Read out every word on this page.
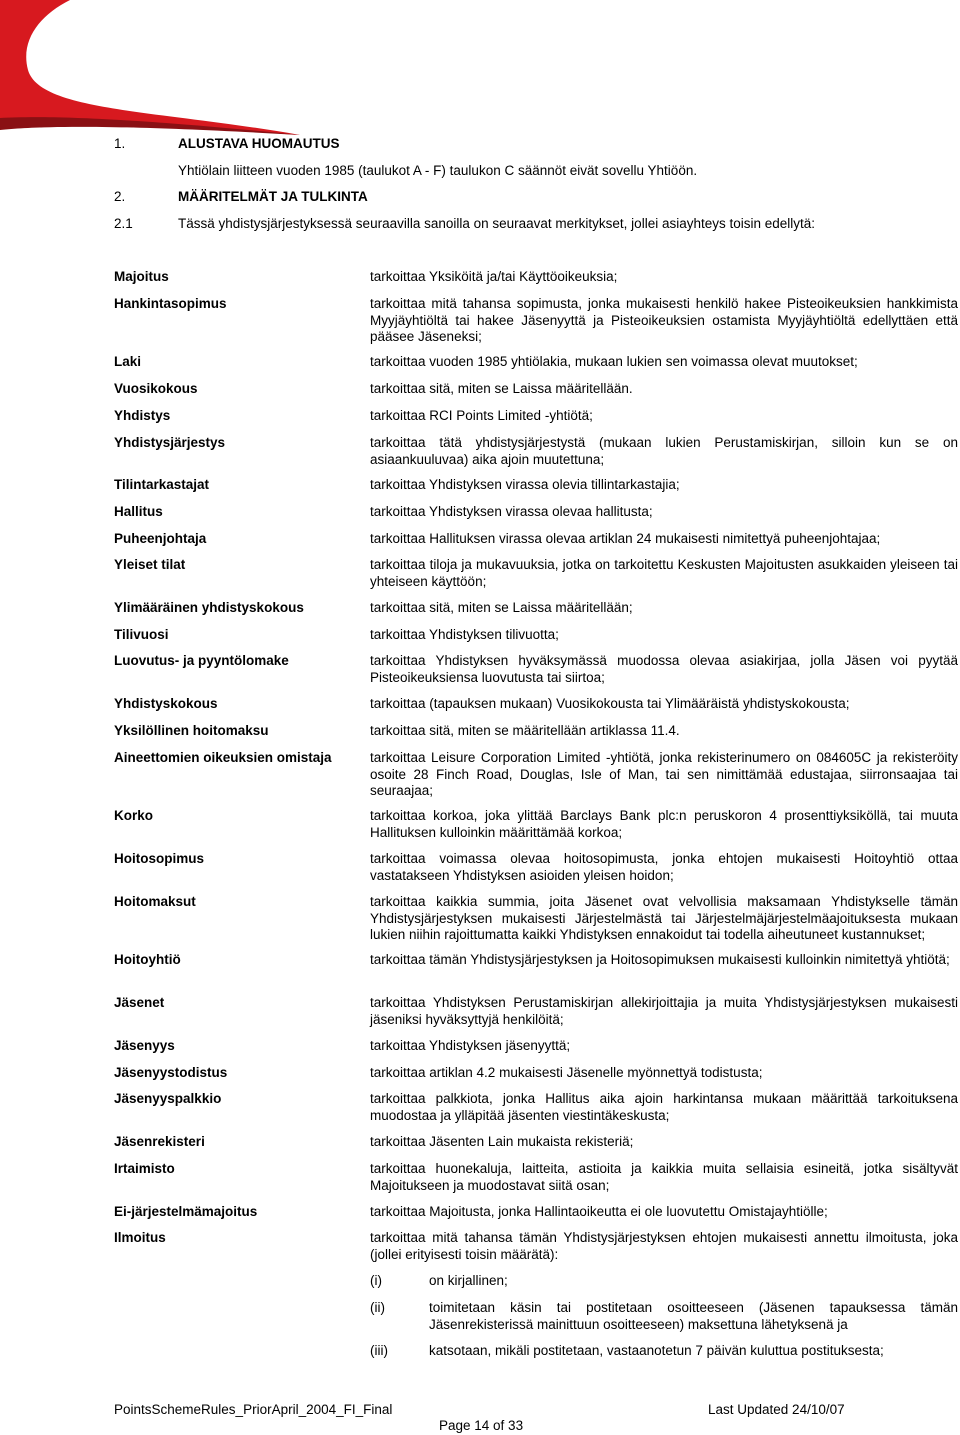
RCI
1.	ALUSTAVA HUOMAUTUS
Yhtiölain liitteen vuoden 1985 (taulukot A - F) taulukon C säännöt eivät sovellu Yhtiöön.
2.	MÄÄRITELMÄT JA TULKINTA
2.1	Tässä yhdistysjärjestyksessä seuraavilla sanoilla on seuraavat merkitykset, jollei asiayhteys toisin edellytä:
Majoitus	tarkoittaa Yksiköitä ja/tai Käyttöoikeuksia;
Hankintasopimus	tarkoittaa mitä tahansa sopimusta, jonka mukaisesti henkilö hakee Pisteoikeuksien hankkimista Myyjäyhtiöltä tai hakee Jäsenyyttä ja Pisteoikeuksien ostamista Myyjäyhtiöltä edellyttäen että pääsee Jäseneksi;
Laki	tarkoittaa vuoden 1985 yhtiölakia, mukaan lukien sen voimassa olevat muutokset;
Vuosikokous	tarkoittaa sitä, miten se Laissa määritellään.
Yhdistys	tarkoittaa RCI Points Limited -yhtiötä;
Yhdistysjärjestys	tarkoittaa tätä yhdistysjärjestystä (mukaan lukien Perustamiskirjan, silloin kun se on asiaankuuluvaa) aika ajoin muutettuna;
Tilintarkastajat	tarkoittaa Yhdistyksen virassa olevia tillintarkastajia;
Hallitus	tarkoittaa Yhdistyksen virassa olevaa hallitusta;
Puheenjohtaja	tarkoittaa Hallituksen virassa olevaa artiklan 24 mukaisesti nimitettyä puheenjohtajaa;
Yleiset tilat	tarkoittaa tiloja ja mukavuuksia, jotka on tarkoitettu Keskusten Majoitusten asukkaiden yleiseen tai yhteiseen käyttöön;
Ylimääräinen yhdistyskokous	tarkoittaa sitä, miten se Laissa määritellään;
Tilivuosi	tarkoittaa Yhdistyksen tilivuotta;
Luovutus- ja pyyntölomake	tarkoittaa Yhdistyksen hyväksymässä muodossa olevaa asiakirjaa, jolla Jäsen voi pyytää Pisteoikeuksiensa luovutusta tai siirtoa;
Yhdistyskokous	tarkoittaa (tapauksen mukaan) Vuosikokousta tai Ylimääräistä yhdistyskokousta;
Yksilöllinen hoitomaksu	tarkoittaa sitä, miten se määritellään artiklassa 11.4.
Aineettomien oikeuksien omistaja	tarkoittaa Leisure Corporation Limited -yhtiötä, jonka rekisterinumero on 084605C ja rekisteröity osoite 28 Finch Road, Douglas, Isle of Man, tai sen nimittämää edustajaa, siirronsaajaa tai seuraajaa;
Korko	tarkoittaa korkoa, joka ylittää Barclays Bank plc:n peruskoron 4 prosenttiyksiköllä, tai muuta Hallituksen kulloinkin määrittämää korkoa;
Hoitosopimus	tarkoittaa voimassa olevaa hoitosopimusta, jonka ehtojen mukaisesti Hoitoyhtiö ottaa vastatakseen Yhdistyksen asioiden yleisen hoidon;
Hoitomaksut	tarkoittaa kaikkia summia, joita Jäsenet ovat velvollisia maksamaan Yhdistykselle tämän Yhdistysjärjestyksen mukaisesti Järjestelmästä tai Järjestelmäjärjestelmäajoituksesta mukaan lukien niihin rajoittumatta kaikki Yhdistyksen ennakoidut tai todella aiheutuneet kustannukset;
Hoitoyhtiö	tarkoittaa tämän Yhdistysjärjestyksen ja Hoitosopimuksen mukaisesti kulloinkin nimitettyä yhtiötä;
Jäsenet	tarkoittaa Yhdistyksen Perustamiskirjan allekirjoittajia ja muita Yhdistysjärjestyksen mukaisesti jäseniksi hyväksyttyjä henkilöitä;
Jäsenyys	tarkoittaa Yhdistyksen jäsenyyttä;
Jäsenyystodistus	tarkoittaa artiklan 4.2 mukaisesti Jäsenelle myönnettyä todistusta;
Jäsenyyspalkkio	tarkoittaa palkkiota, jonka Hallitus aika ajoin harkintansa mukaan määrittää tarkoituksena muodostaa ja ylläpitää jäsenten viestintäkeskusta;
Jäsenrekisteri	tarkoittaa Jäsenten Lain mukaista rekisteriä;
Irtaimisto	tarkoittaa huonekaluja, laitteita, astioita ja kaikkia muita sellaisia esineitä, jotka sisältyvät Majoitukseen ja muodostavat siitä osan;
Ei-järjestelmämajoitus	tarkoittaa Majoitusta, jonka Hallintaoikeutta ei ole luovutettu Omistajayhtiölle;
Ilmoitus	tarkoittaa mitä tahansa tämän Yhdistysjärjestyksen ehtojen mukaisesti annettu ilmoitusta, joka (jollei erityisesti toisin määrätä):
(i)	on kirjallinen;
(ii)	toimitetaan käsin tai postitetaan osoitteeseen (Jäsenen tapauksessa tämän Jäsenrekisterissä mainittuun osoitteeseen) maksettuna lähetyksenä ja
(iii)	katsotaan, mikäli postitetaan, vastaanotetun 7 päivän kuluttua postituksesta;
PointsSchemeRules_PriorApril_2004_FI_Final	Last Updated 24/10/07
Page 14 of 33
